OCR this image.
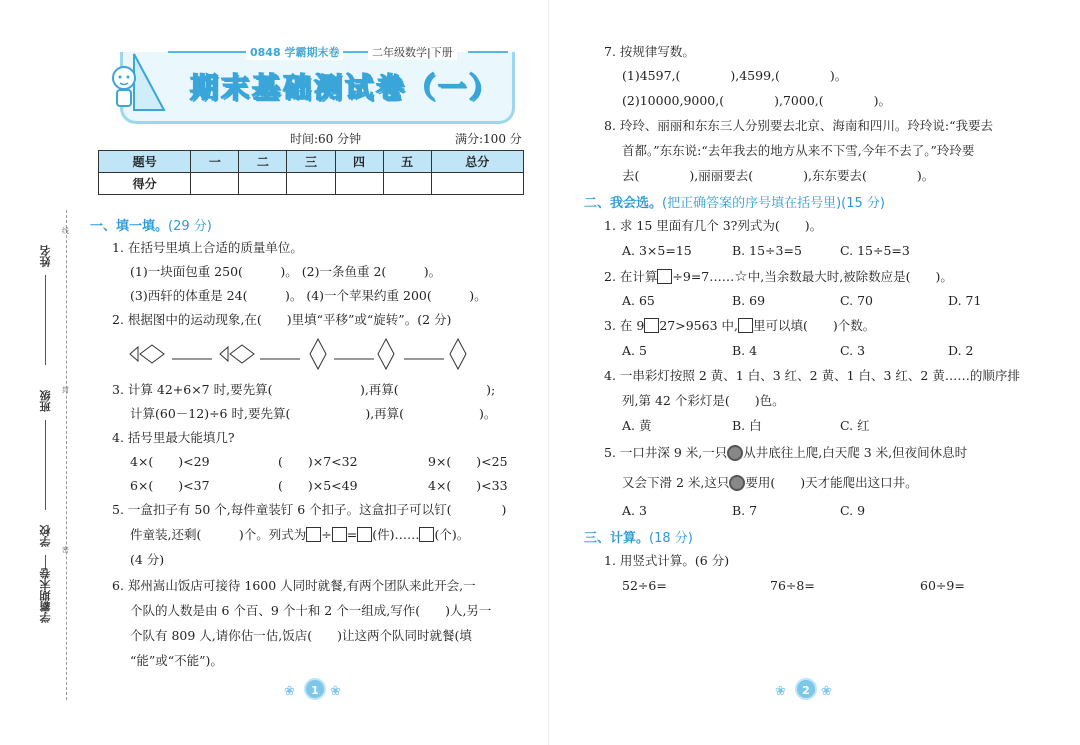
线
封
密
姓名
班级
学校
学霸期末卷
0848 学霸期末卷	二年级数学|下册
期末基础测试卷（一）
时间:60 分钟	满分:100 分
题号	一	二	三	四	五	总分
得分						
一、填一填。(29 分)
1. 在括号里填上合适的质量单位。
(1)一块面包重 250(　　　)。 (2)一条鱼重 2(　　　)。
(3)西轩的体重是 24(　　　)。 (4)一个苹果约重 200(　　　)。
2. 根据图中的运动现象,在(　　)里填“平移”或“旋转”。(2 分)
3. 计算 42+6×7 时,要先算(　　　　　　　),再算(　　　　　　　);
计算(60－12)÷6 时,要先算(　　　　　　),再算(　　　　　　)。
4. 括号里最大能填几?
4×(　　)<29	(　　)×7<32	9×(　　)<25
6×(　　)<37	(　　)×5<49	4×(　　)<33
5. 一盒扣子有 50 个,每件童装钉 6 个扣子。这盒扣子可以钉(　　　　)
件童装,还剩(　　　)个。列式为 ÷ = (件)…… (个)。
(4 分)
6. 郑州嵩山饭店可接待 1600 人同时就餐,有两个团队来此开会,一
个队的人数是由 6 个百、9 个十和 2 个一组成,写作(　　)人,另一
个队有 809 人,请你估一估,饭店(　　)让这两个队同时就餐(填
“能”或“不能”)。
❀	1 ❀
7. 按规律写数。
(1)4597,(　　　　),4599,(　　　　)。
(2)10000,9000,(　　　　),7000,(　　　　)。
8. 玲玲、丽丽和东东三人分别要去北京、海南和四川。玲玲说:“我要去
首都。”东东说:“去年我去的地方从来不下雪,今年不去了。”玲玲要
去(　　　　),丽丽要去(　　　　),东东要去(　　　　)。
二、我会选。(把正确答案的序号填在括号里)(15 分)
1. 求 15 里面有几个 3?列式为(　　)。
A. 3×5=15	B. 15÷3=5	C. 15÷5=3
2. 在计算 ÷9=7……☆中,当余数最大时,被除数应是(　　)。
A. 65	B. 69	C. 70	D. 71
3. 在 9 27>9563 中, 里可以填(　　)个数。
A. 5	B. 4	C. 3	D. 2
4. 一串彩灯按照 2 黄、1 白、3 红、2 黄、1 白、3 红、2 黄……的顺序排
列,第 42 个彩灯是(　　)色。
A. 黄	B. 白	C. 红
5. 一口井深 9 米,一只 从井底往上爬,白天爬 3 米,但夜间休息时
又会下滑 2 米,这只 要用(　　)天才能爬出这口井。
A. 3	B. 7	C. 9
三、计算。(18 分)
1. 用竖式计算。(6 分)
52÷6=	76÷8=	60÷9=
❀	2 ❀
